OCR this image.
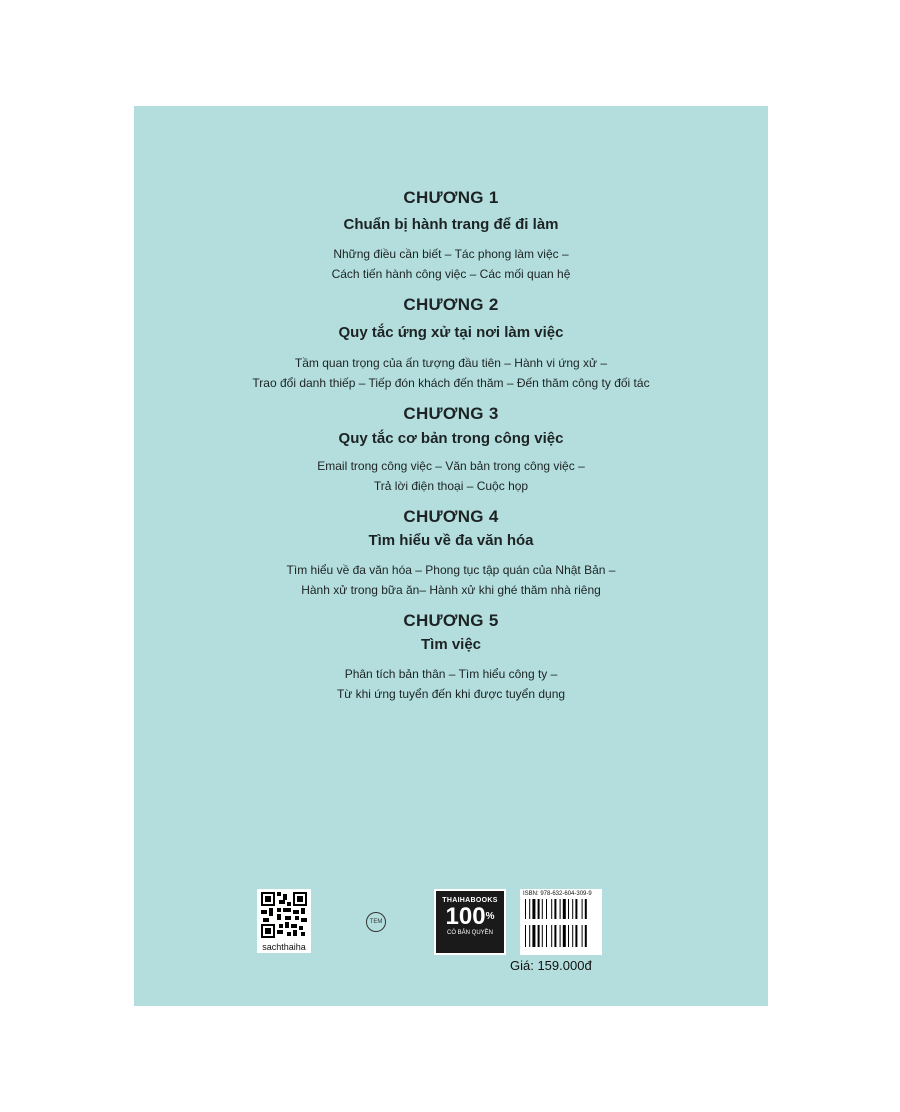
CHƯƠNG 1

Chuẩn bị hành trang để đi làm

Những điều cần biết – Tác phong làm việc –
Cách tiến hành công việc – Các mối quan hệ

CHƯƠNG 2

Quy tắc ứng xử tại nơi làm việc

Tầm quan trọng của ấn tượng đầu tiên – Hành vi ứng xử –
Trao đổi danh thiếp – Tiếp đón khách đến thăm – Đến thăm công ty đối tác

CHƯƠNG 3

Quy tắc cơ bản trong công việc

Email trong công việc – Văn bản trong công việc –
Trả lời điện thoại – Cuộc họp

CHƯƠNG 4

Tìm hiểu về đa văn hóa

Tìm hiểu về đa văn hóa – Phong tục tập quán của Nhật Bản –
Hành xử trong bữa ăn– Hành xử khi ghé thăm nhà riêng

CHƯƠNG 5

Tìm việc

Phân tích bản thân – Tìm hiểu công ty –
Từ khi ứng tuyển đến khi được tuyển dụng
sachthaiha
TEM
THAIHABOOKS
100%
CÓ BẢN QUYỀN
ISBN: 978-632-604-309-9
Giá: 159.000đ
